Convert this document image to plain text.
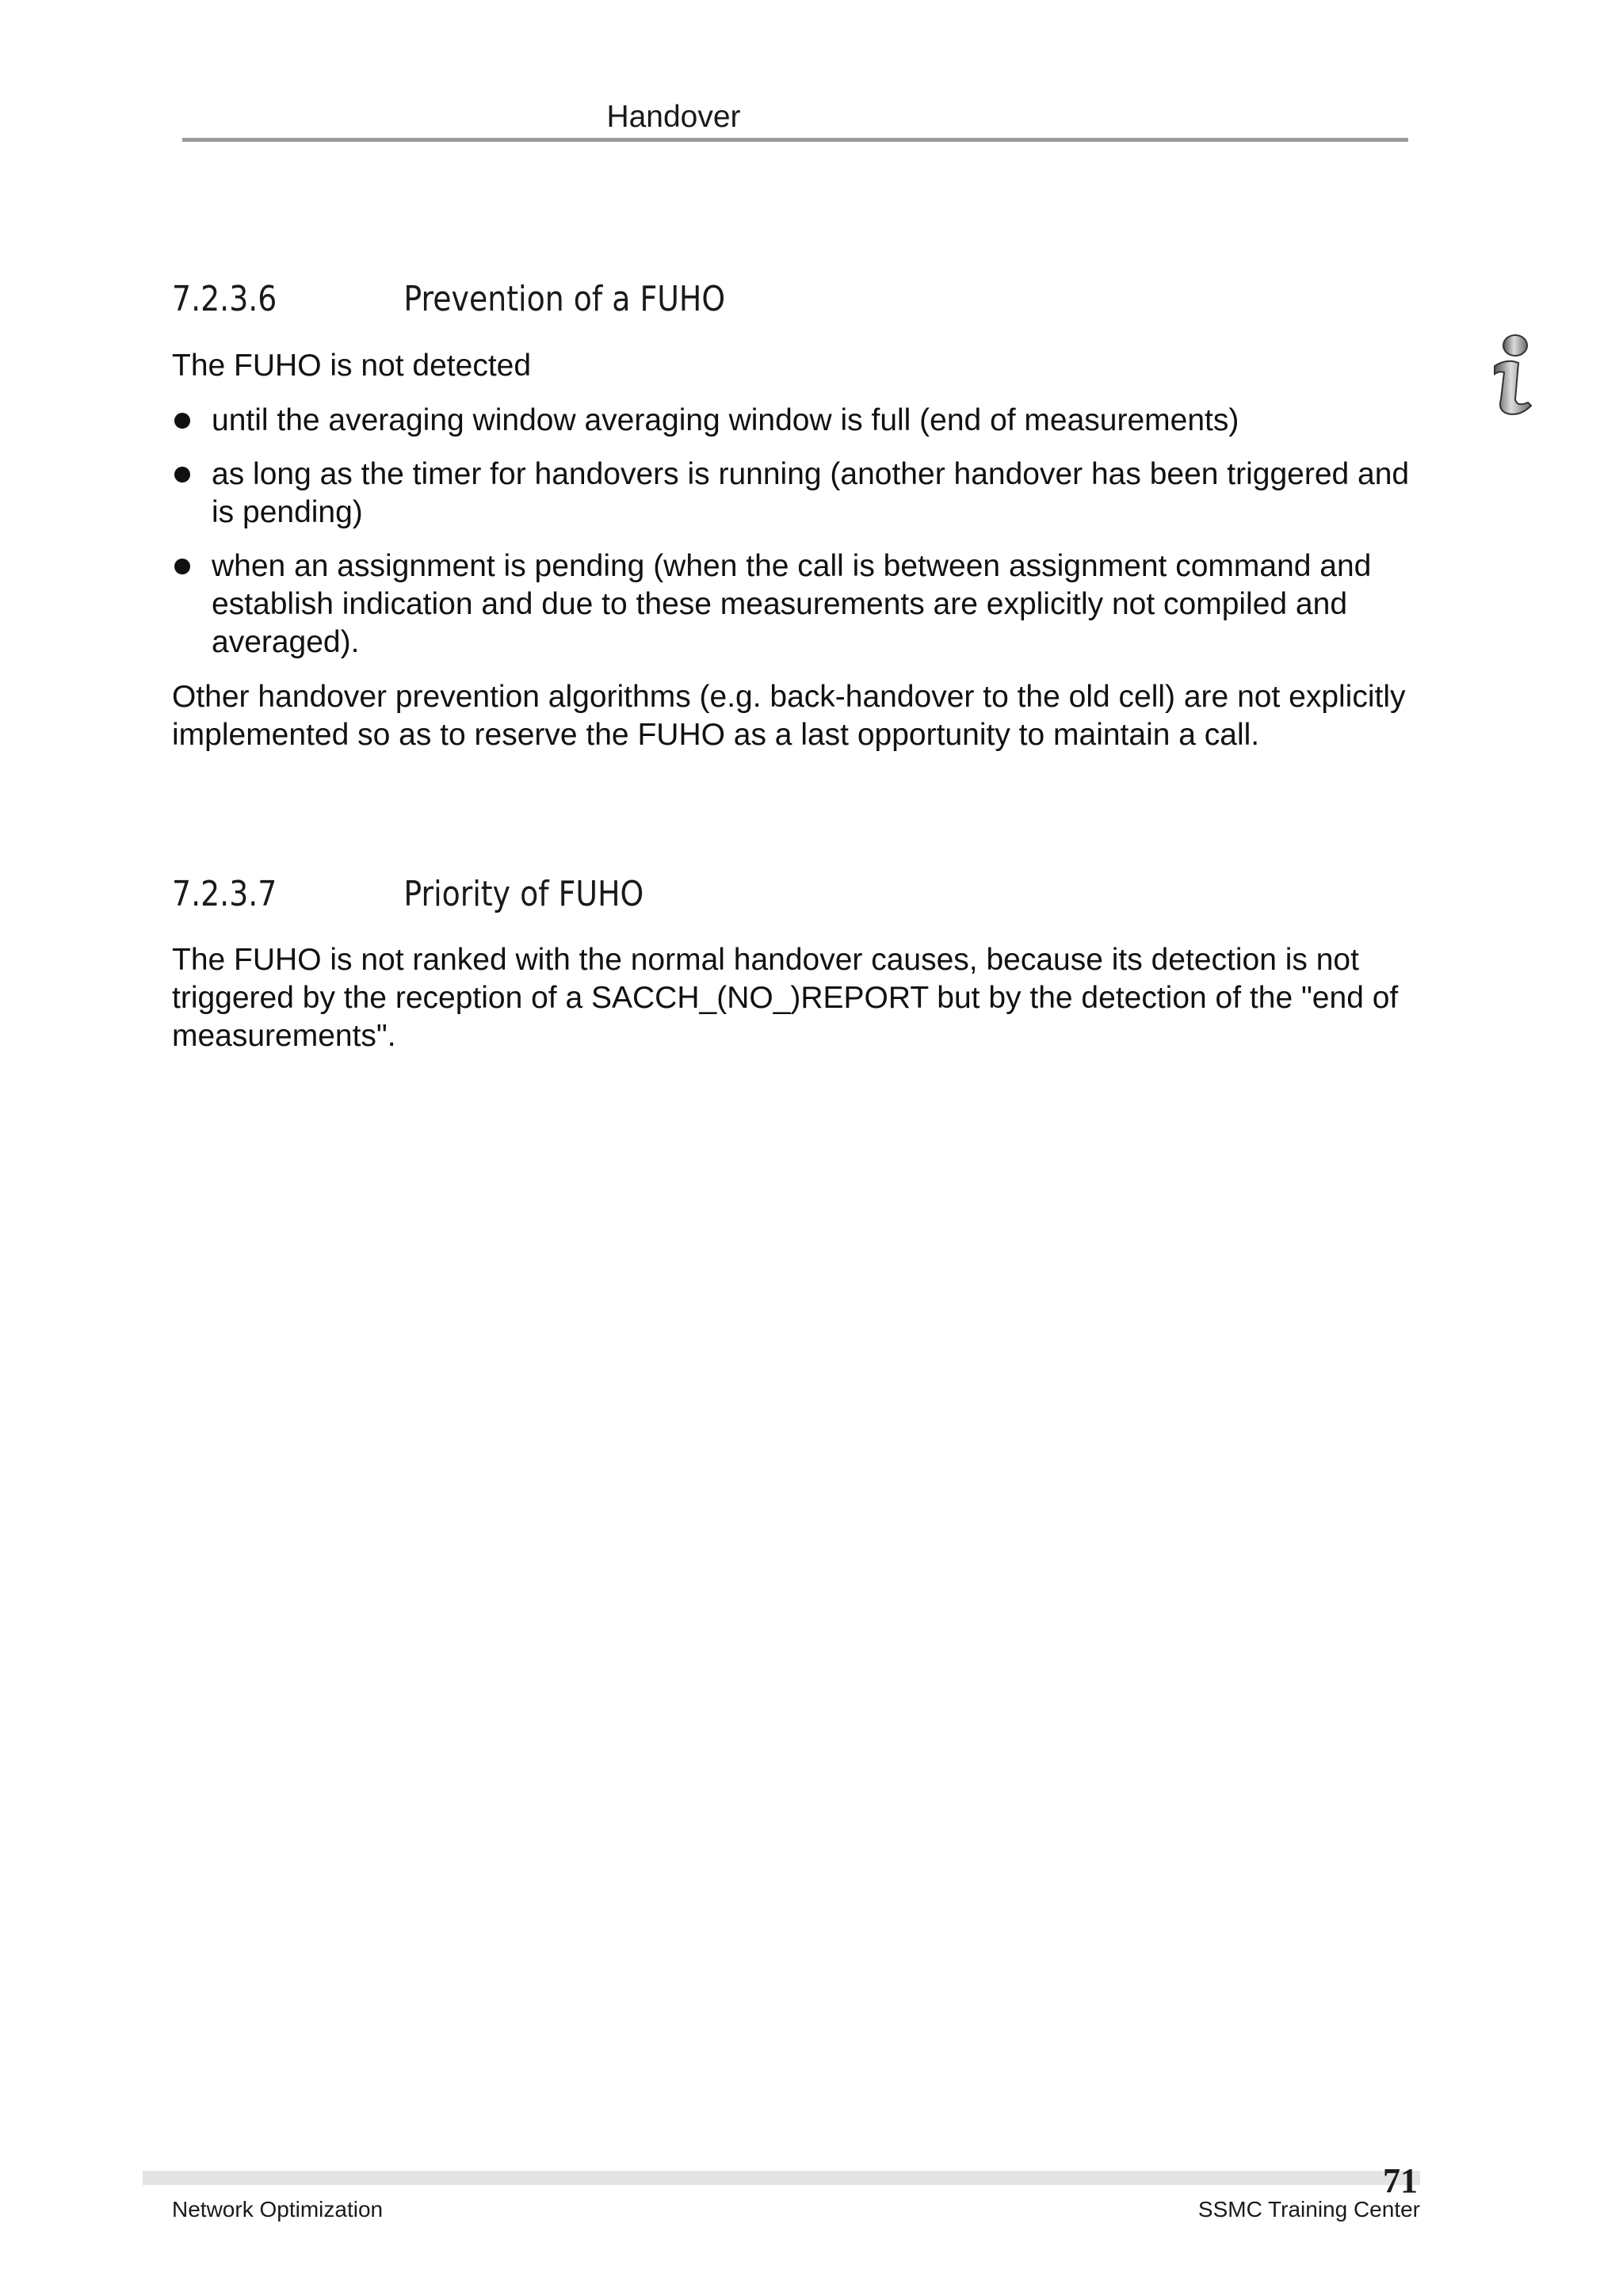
Handover
7.2.3.6	Prevention of a FUHO
The FUHO is not detected
until the averaging window averaging window is full (end of measurements)
as long as the timer for handovers is running (another handover has been triggered and is pending)
when an assignment is pending (when the call is between assignment command and establish indication and due to these measurements are explicitly not compiled and averaged).
Other handover prevention algorithms (e.g. back-handover to the old cell) are not explicitly implemented so as to reserve the FUHO as a last opportunity to maintain a call.
7.2.3.7	Priority of FUHO
The FUHO is not ranked with the normal handover causes, because its detection is not triggered by the reception of a SACCH_(NO_)REPORT but by the detection of the "end of measurements".
71
Network Optimization	SSMC Training Center
